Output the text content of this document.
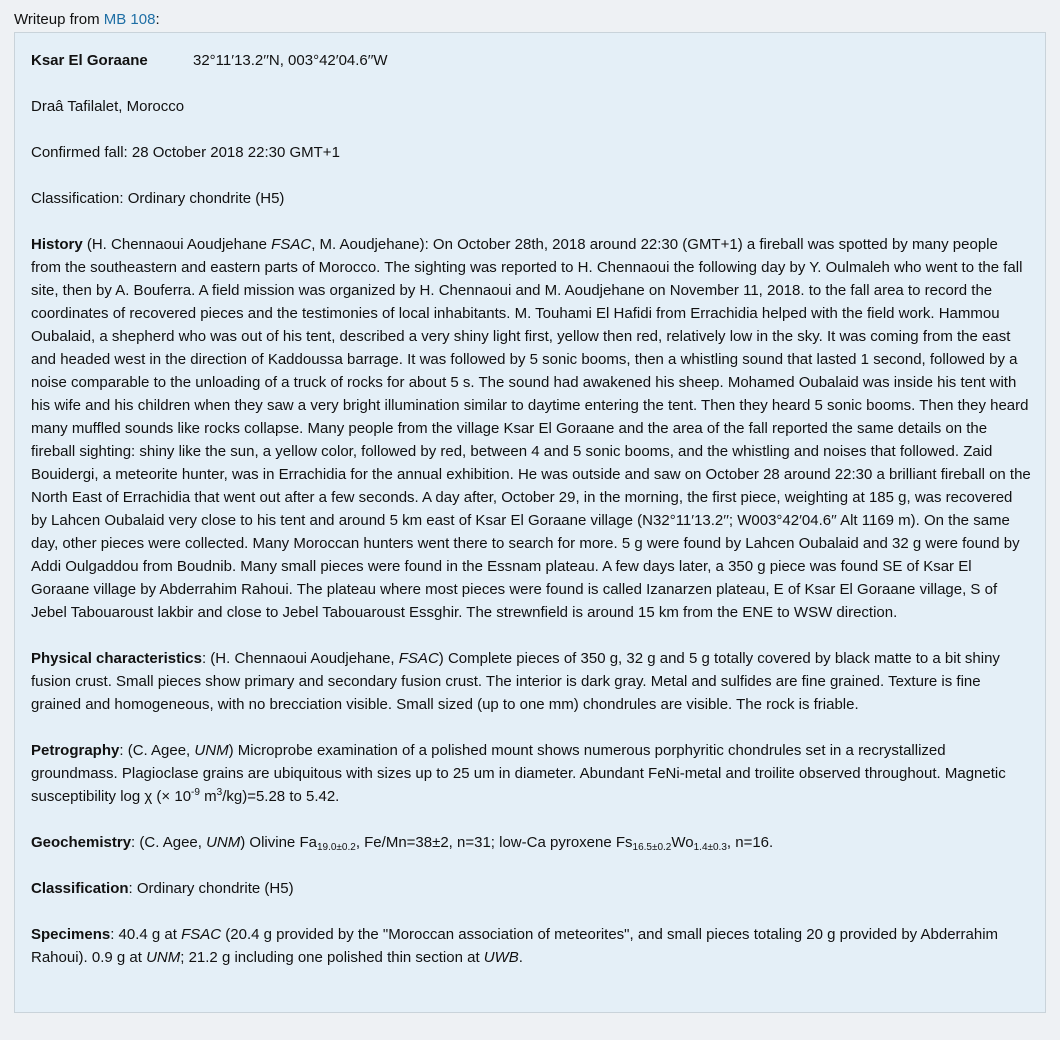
Writeup from MB 108:

Ksar El Goraane	32°11′13.2′′N, 003°42′04.6′′W

Draâ Tafilalet, Morocco

Confirmed fall: 28 October 2018 22:30 GMT+1

Classification: Ordinary chondrite (H5)

History (H. Chennaoui Aoudjehane FSAC, M. Aoudjehane): On October 28th, 2018 around 22:30 (GMT+1) a fireball was spotted by many people from the southeastern and eastern parts of Morocco. The sighting was reported to H. Chennaoui the following day by Y. Oulmaleh who went to the fall site, then by A. Bouferra. A field mission was organized by H. Chennaoui and M. Aoudjehane on November 11, 2018. to the fall area to record the coordinates of recovered pieces and the testimonies of local inhabitants. M. Touhami El Hafidi from Errachidia helped with the field work. Hammou Oubalaid, a shepherd who was out of his tent, described a very shiny light first, yellow then red, relatively low in the sky. It was coming from the east and headed west in the direction of Kaddoussa barrage. It was followed by 5 sonic booms, then a whistling sound that lasted 1 second, followed by a noise comparable to the unloading of a truck of rocks for about 5 s. The sound had awakened his sheep. Mohamed Oubalaid was inside his tent with his wife and his children when they saw a very bright illumination similar to daytime entering the tent. Then they heard 5 sonic booms. Then they heard many muffled sounds like rocks collapse. Many people from the village Ksar El Goraane and the area of the fall reported the same details on the fireball sighting: shiny like the sun, a yellow color, followed by red, between 4 and 5 sonic booms, and the whistling and noises that followed. Zaid Bouidergi, a meteorite hunter, was in Errachidia for the annual exhibition. He was outside and saw on October 28 around 22:30 a brilliant fireball on the North East of Errachidia that went out after a few seconds. A day after, October 29, in the morning, the first piece, weighting at 185 g, was recovered by Lahcen Oubalaid very close to his tent and around 5 km east of Ksar El Goraane village (N32°11′13.2′′; W003°42′04.6′′ Alt 1169 m). On the same day, other pieces were collected. Many Moroccan hunters went there to search for more. 5 g were found by Lahcen Oubalaid and 32 g were found by Addi Oulgaddou from Boudnib. Many small pieces were found in the Essnam plateau. A few days later, a 350 g piece was found SE of Ksar El Goraane village by Abderrahim Rahoui. The plateau where most pieces were found is called Izanarzen plateau, E of Ksar El Goraane village, S of Jebel Tabouaroust lakbir and close to Jebel Tabouaroust Essghir. The strewnfield is around 15 km from the ENE to WSW direction.

Physical characteristics: (H. Chennaoui Aoudjehane, FSAC) Complete pieces of 350 g, 32 g and 5 g totally covered by black matte to a bit shiny fusion crust. Small pieces show primary and secondary fusion crust. The interior is dark gray. Metal and sulfides are fine grained. Texture is fine grained and homogeneous, with no brecciation visible. Small sized (up to one mm) chondrules are visible. The rock is friable.

Petrography: (C. Agee, UNM) Microprobe examination of a polished mount shows numerous porphyritic chondrules set in a recrystallized groundmass. Plagioclase grains are ubiquitous with sizes up to 25 um in diameter. Abundant FeNi-metal and troilite observed throughout. Magnetic susceptibility log χ (× $10^{-9}$ $m^3/kg)=5.28$ to 5.42.

Geochemistry: (C. Agee, UNM) Olivine $Fa_{19.0\pm 0.2}$, Fe/Mn=38±2, n=31; low-Ca pyroxene $Fs_{16.5\pm 0.2}Wo_{1.4\pm 0.3}$, n=16.

Classification: Ordinary chondrite (H5)

Specimens: 40.4 g at FSAC (20.4 g provided by the "Moroccan association of meteorites", and small pieces totaling 20 g provided by Abderrahim Rahoui). 0.9 g at UNM; 21.2 g including one polished thin section at UWB.
